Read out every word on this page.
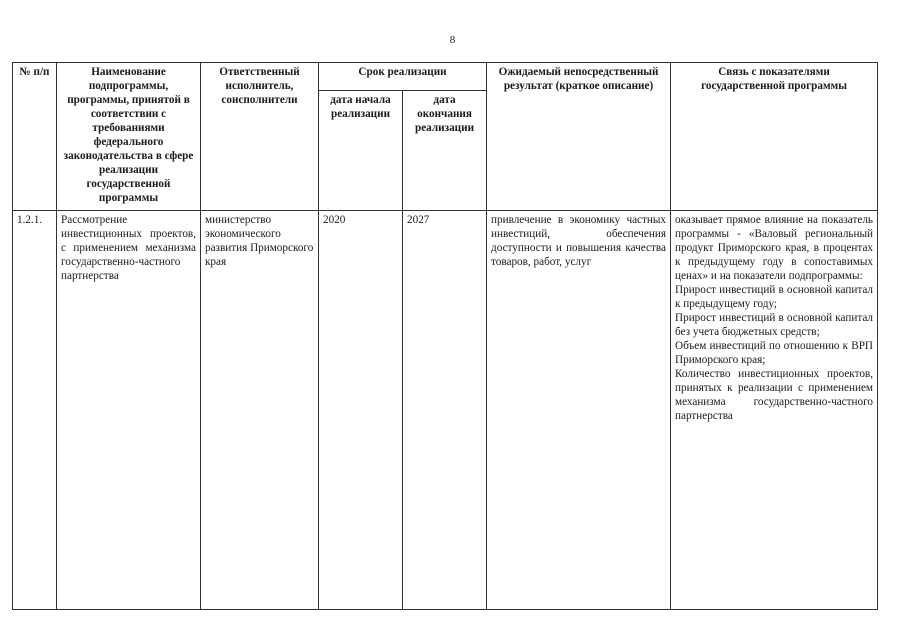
8
№ п/п	Наименование подпрограммы, программы, принятой в соответствии с требованиями федерального законодательства в сфере реализации государственной программы	Ответственный исполнитель, соисполнители	Срок реализации		Ожидаемый непосредственный результат (краткое описание)	Связь с показателями государственной программы
			дата начала реализации	дата окончания реализации		
1.2.1.	Рассмотрение инвестиционных проектов, с применением механизма государственно-частного партнерства	министерство экономического развития Приморского края	2020	2027	привлечение в экономику частных инвестиций, обеспечения доступности и повышения качества товаров, работ, услуг	оказывает прямое влияние на показатель программы - «Валовый региональный продукт Приморского края, в процентах к предыдущему году в сопоставимых ценах» и на показатели подпрограммы:
Прирост инвестиций в основной капитал к предыдущему году;
Прирост инвестиций в основной капитал без учета бюджетных средств;
Объем инвестиций по отношению к ВРП Приморского края;
Количество инвестиционных проектов, принятых к реализации с применением механизма государственно-частного партнерства
